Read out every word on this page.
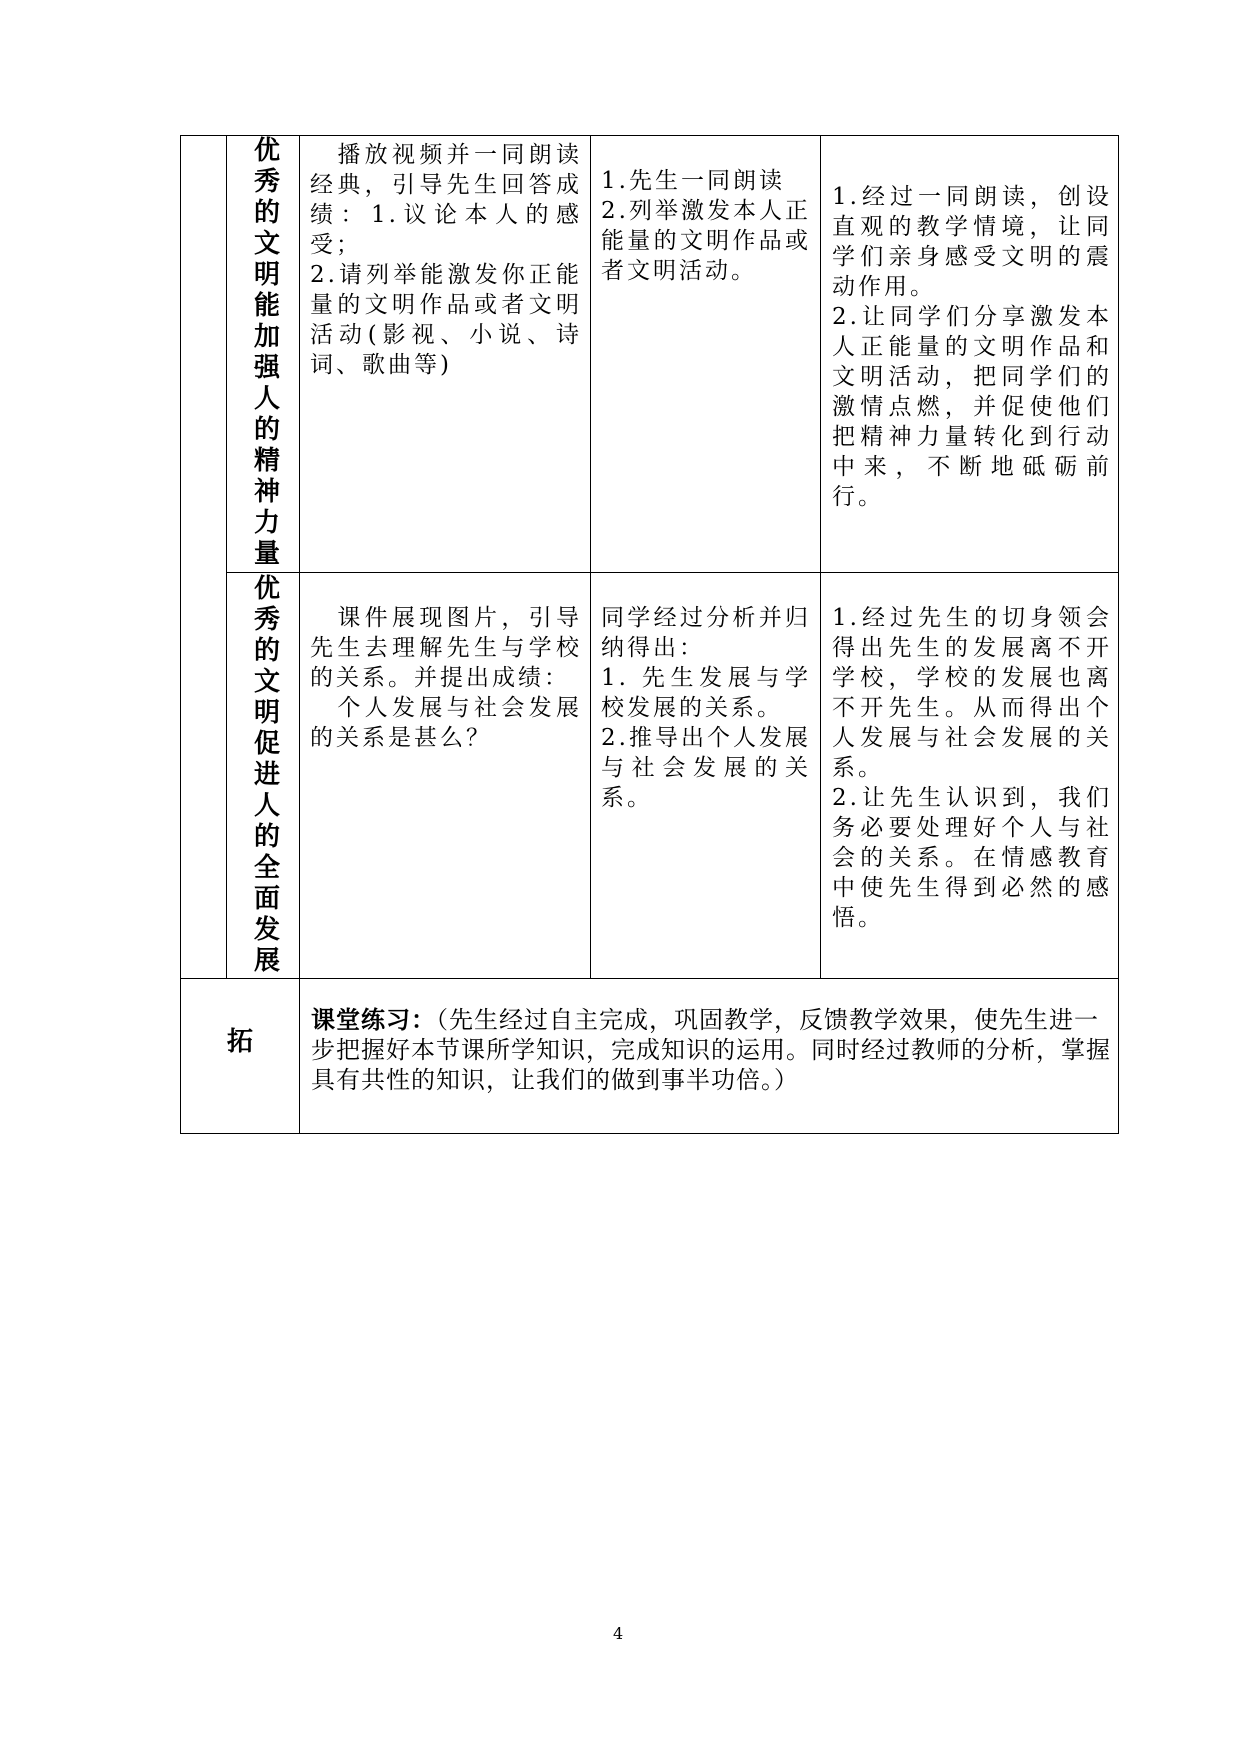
优秀的文明能加强人的精神力量
　播放视频并一同朗读经典，引导先生回答成绩：1.议论本人的感受；
2.请列举能激发你正能量的文明作品或者文明活动(影视、小说、诗词、歌曲等)
1.先生一同朗读
2.列举激发本人正能量的文明作品或者文明活动。
1.经过一同朗读，创设直观的教学情境，让同学们亲身感受文明的震动作用。
2.让同学们分享激发本人正能量的文明作品和文明活动，把同学们的激情点燃，并促使他们把精神力量转化到行动中来，不断地砥砺前行。
优秀的文明促进人的全面发展
　课件展现图片，引导先生去理解先生与学校的关系。并提出成绩：
　个人发展与社会发展的关系是甚么？
同学经过分析并归纳得出：
1. 先生发展与学校发展的关系。
2.推导出个人发展与社会发展的关系。
1.经过先生的切身领会得出先生的发展离不开学校，学校的发展也离不开先生。从而得出个人发展与社会发展的关系。
2.让先生认识到，我们务必要处理好个人与社会的关系。在情感教育中使先生得到必然的感悟。
拓
课堂练习：（先生经过自主完成，巩固教学，反馈教学效果，使先生进一步把握好本节课所学知识，完成知识的运用。同时经过教师的分析，掌握具有共性的知识，让我们的做到事半功倍。）
4
